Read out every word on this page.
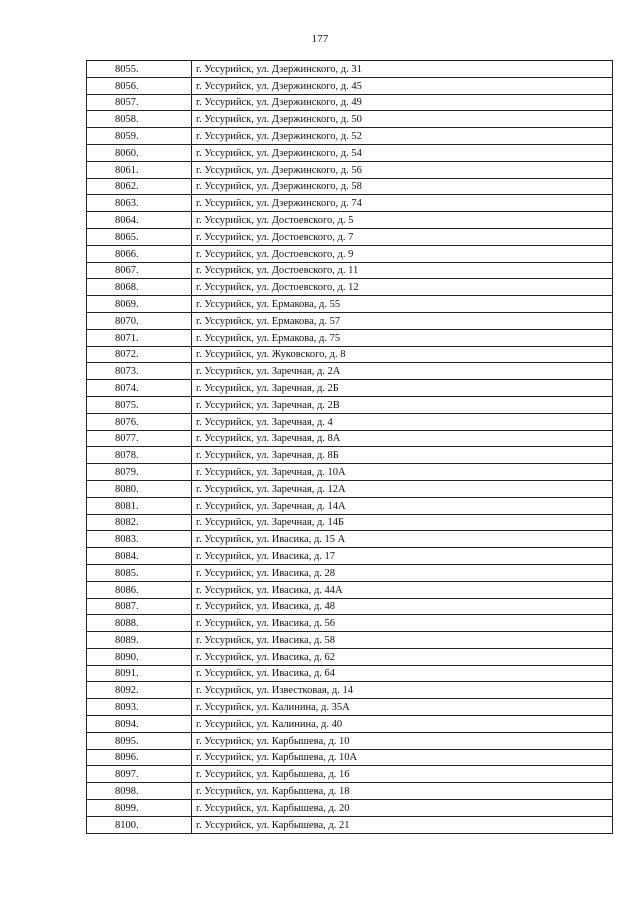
177
8055.	г. Уссурийск, ул. Дзержинского, д. 31
8056.	г. Уссурийск, ул. Дзержинского, д. 45
8057.	г. Уссурийск, ул. Дзержинского, д. 49
8058.	г. Уссурийск, ул. Дзержинского, д. 50
8059.	г. Уссурийск, ул. Дзержинского, д. 52
8060.	г. Уссурийск, ул. Дзержинского, д. 54
8061.	г. Уссурийск, ул. Дзержинского, д. 56
8062.	г. Уссурийск, ул. Дзержинского, д. 58
8063.	г. Уссурийск, ул. Дзержинского, д. 74
8064.	г. Уссурийск, ул. Достоевского, д. 5
8065.	г. Уссурийск, ул. Достоевского, д. 7
8066.	г. Уссурийск, ул. Достоевского, д. 9
8067.	г. Уссурийск, ул. Достоевского, д. 11
8068.	г. Уссурийск, ул. Достоевского, д. 12
8069.	г. Уссурийск, ул. Ермакова, д. 55
8070.	г. Уссурийск, ул. Ермакова, д. 57
8071.	г. Уссурийск, ул. Ермакова, д. 75
8072.	г. Уссурийск, ул. Жуковского, д. 8
8073.	г. Уссурийск, ул. Заречная, д. 2А
8074.	г. Уссурийск, ул. Заречная, д. 2Б
8075.	г. Уссурийск, ул. Заречная, д. 2В
8076.	г. Уссурийск, ул. Заречная, д. 4
8077.	г. Уссурийск, ул. Заречная, д. 8А
8078.	г. Уссурийск, ул. Заречная, д. 8Б
8079.	г. Уссурийск, ул. Заречная, д. 10А
8080.	г. Уссурийск, ул. Заречная, д. 12А
8081.	г. Уссурийск, ул. Заречная, д. 14А
8082.	г. Уссурийск, ул. Заречная, д. 14Б
8083.	г. Уссурийск, ул. Ивасика, д. 15 А
8084.	г. Уссурийск, ул. Ивасика, д. 17
8085.	г. Уссурийск, ул. Ивасика, д. 28
8086.	г. Уссурийск, ул. Ивасика, д. 44А
8087.	г. Уссурийск, ул. Ивасика, д. 48
8088.	г. Уссурийск, ул. Ивасика, д. 56
8089.	г. Уссурийск, ул. Ивасика, д. 58
8090.	г. Уссурийск, ул. Ивасика, д. 62
8091.	г. Уссурийск, ул. Ивасика, д. 64
8092.	г. Уссурийск, ул. Известковая, д. 14
8093.	г. Уссурийск, ул. Калинина, д. 35А
8094.	г. Уссурийск, ул. Калинина, д. 40
8095.	г. Уссурийск, ул. Карбышева, д. 10
8096.	г. Уссурийск, ул. Карбышева, д. 10А
8097.	г. Уссурийск, ул. Карбышева, д. 16
8098.	г. Уссурийск, ул. Карбышева, д. 18
8099.	г. Уссурийск, ул. Карбышева, д. 20
8100.	г. Уссурийск, ул. Карбышева, д. 21
